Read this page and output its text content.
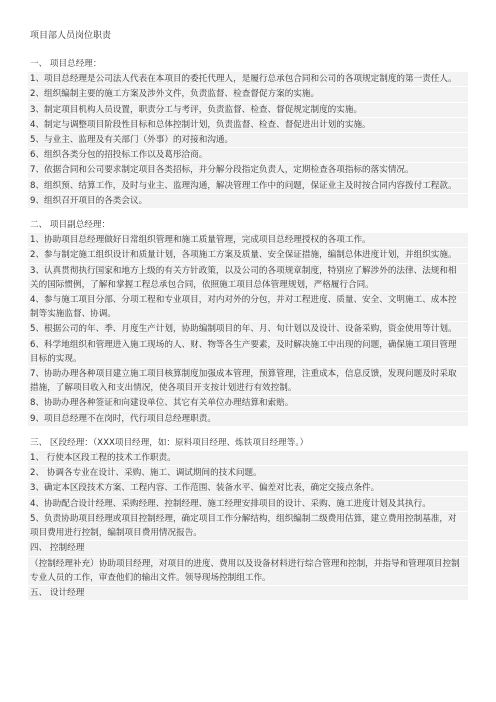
项目部人员岗位职责
一、 项目总经理：
1、项目总经理是公司法人代表在本项目的委托代理人，是履行总承包合同和公司的各项规定制度的第一责任人。
2、组织编制主要的施工方案及涉外文件，负责监督、检查督促方案的实施。
3、制定项目机构人员设置，职责分工与考评，负责监督、检查、督促规定制度的实施。
4、制定与调整项目阶段性目标和总体控制计划，负责监督、检查、督促进出计划的实施。
5、与业主、监理及有关部门（外事）的对接和沟通。
6、组织各类分包的招投标工作以及葛彤洽商。
7、依据合同和公司要求制定项目各类招标，并分解分段指定负责人，定期检查各项指标的落实情况。
8、组织预、结算工作，及时与业主、监理沟通，解决管理工作中的问题，保证业主及时按合同内容拨付工程款。
9、组织召开项目的各类会议。
二、 项目副总经理：
1、协助项目总经理做好日常组织管理和施工质量管理，完成项目总经理授权的各项工作。
2、参与制定施工组织设计和质量计划，各项施工方案及质量、安全保证措施，编制总体进度计划，并组织实施。
3、认真贯彻执行国家和地方上级的有关方针政策，以及公司的各项规章制度，特别应了解涉外的法律、法规和相关的国际惯例，了解和掌握工程总承包合同，依照施工项目总体管理规划，严格履行合同。
4、参与施工项目分部、分项工程和专业项目，对内对外的分包，并对工程进度、质量、安全、文明施工、成本控制等实施监督、协调。
5、根据公司的年、季、月度生产计划，协助编制项目的年、月、旬计划以及设计、设备采购，资金使用等计划。
6、科学地组织和管理进入施工现场的人、财、物等各生产要素，及时解决施工中出现的问题，确保施工项目管理目标的实现。
7、协助办理各种项目建立施工项目核算制度加强成本管理，预算管理，注重成本，信息反馈，发现问题及时采取措施，了解项目收入和支出情况，使各项目开支按计划进行有效控制。
8、协助办理各种签证和向建设单位、其它有关单位办理结算和索赔。
9、项目总经理不在岗时，代行项目总经理职责。
三、 区段经理：（XXX项目经理，如：原料项目经理、炼铁项目经理等。）
1、 行使本区段工程的技术工作职责。
2、 协调各专业在设计、采购、施工、调试期间的技术问题。
3、确定本区段技术方案、工程内容、工作范围、装备水平、偏差对比表，确定交接点条件。
4、协助配合设计经理、采购经理、控制经理、施工经理安排项目的设计、采购、施工进度计划及其执行。
5、负责协助项目经理或项目控制经理，确定项目工作分解结构，组织编制二级费用估算，建立费用控制基准，对项目费用进行控制，编制项目费用情况报告。
四、 控制经理
（控制经理补充）协助项目经理，对项目的进度、费用以及设备材料进行综合管理和控制，并指导和管理项目控制专业人员的工作，审查他们的输出文件。领导现场控制组工作。
五、 设计经理
